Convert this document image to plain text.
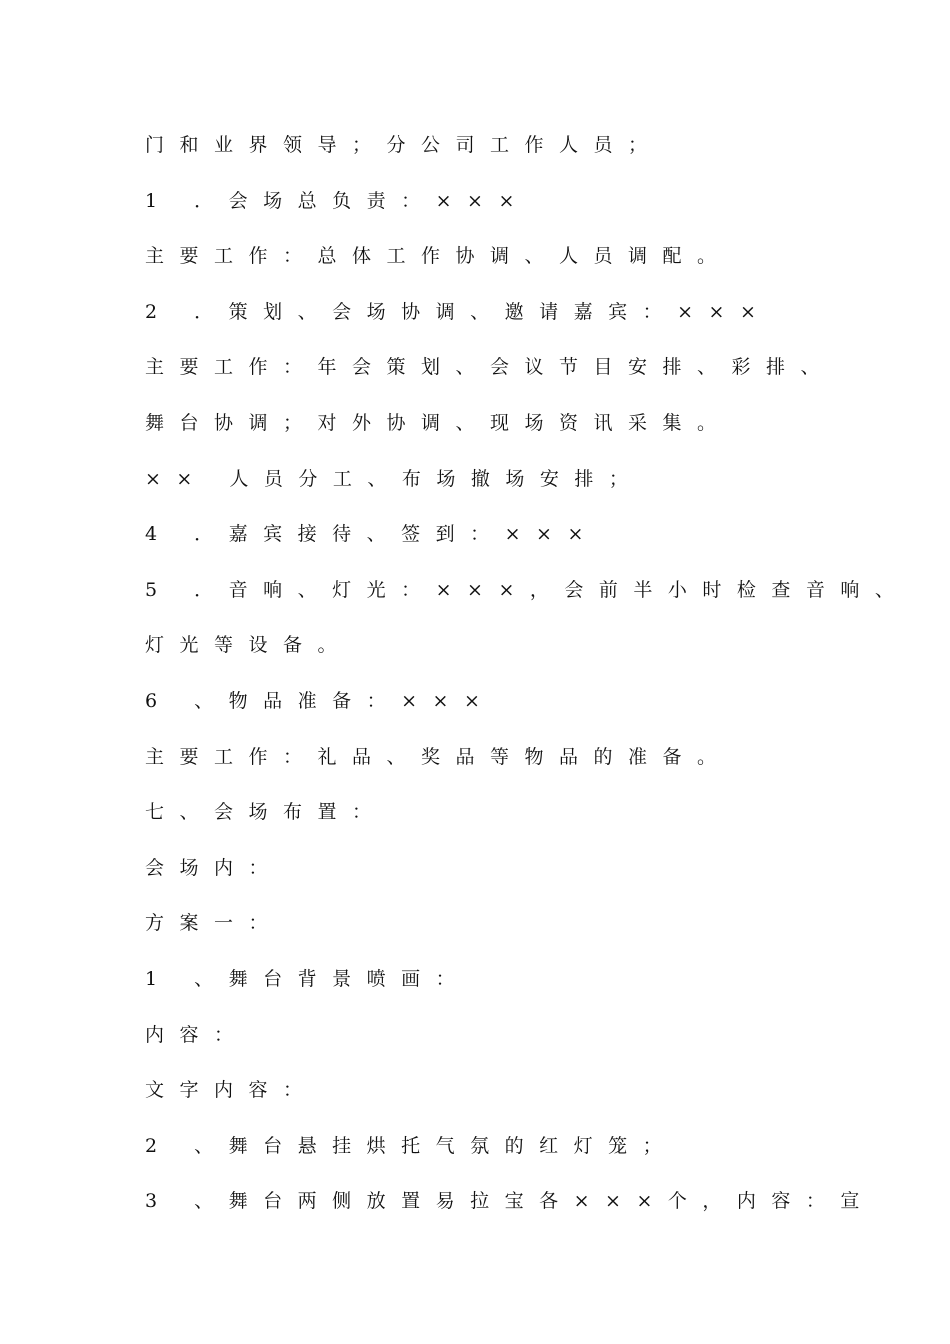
门和业界领导；分公司工作人员；
1 ．会场总负责：×××
主要工作：总体工作协调、人员调配。
2 ．策划、会场协调、邀请嘉宾：×××
主要工作：年会策划、会议节目安排、彩排、
舞台协调；对外协调、现场资讯采集。
×× 人员分工、布场撤场安排；
4 ．嘉宾接待、签到：×××
5 ．音响、灯光：×××，会前半小时检查音响、
灯光等设备。
6 、物品准备：×××
主要工作：礼品、奖品等物品的准备。
七、会场布置：
会场内：
方案一：
1 、舞台背景喷画：
内容：
文字内容：
2 、舞台悬挂烘托气氛的红灯笼；
3 、舞台两侧放置易拉宝各×××个，内容：宣
